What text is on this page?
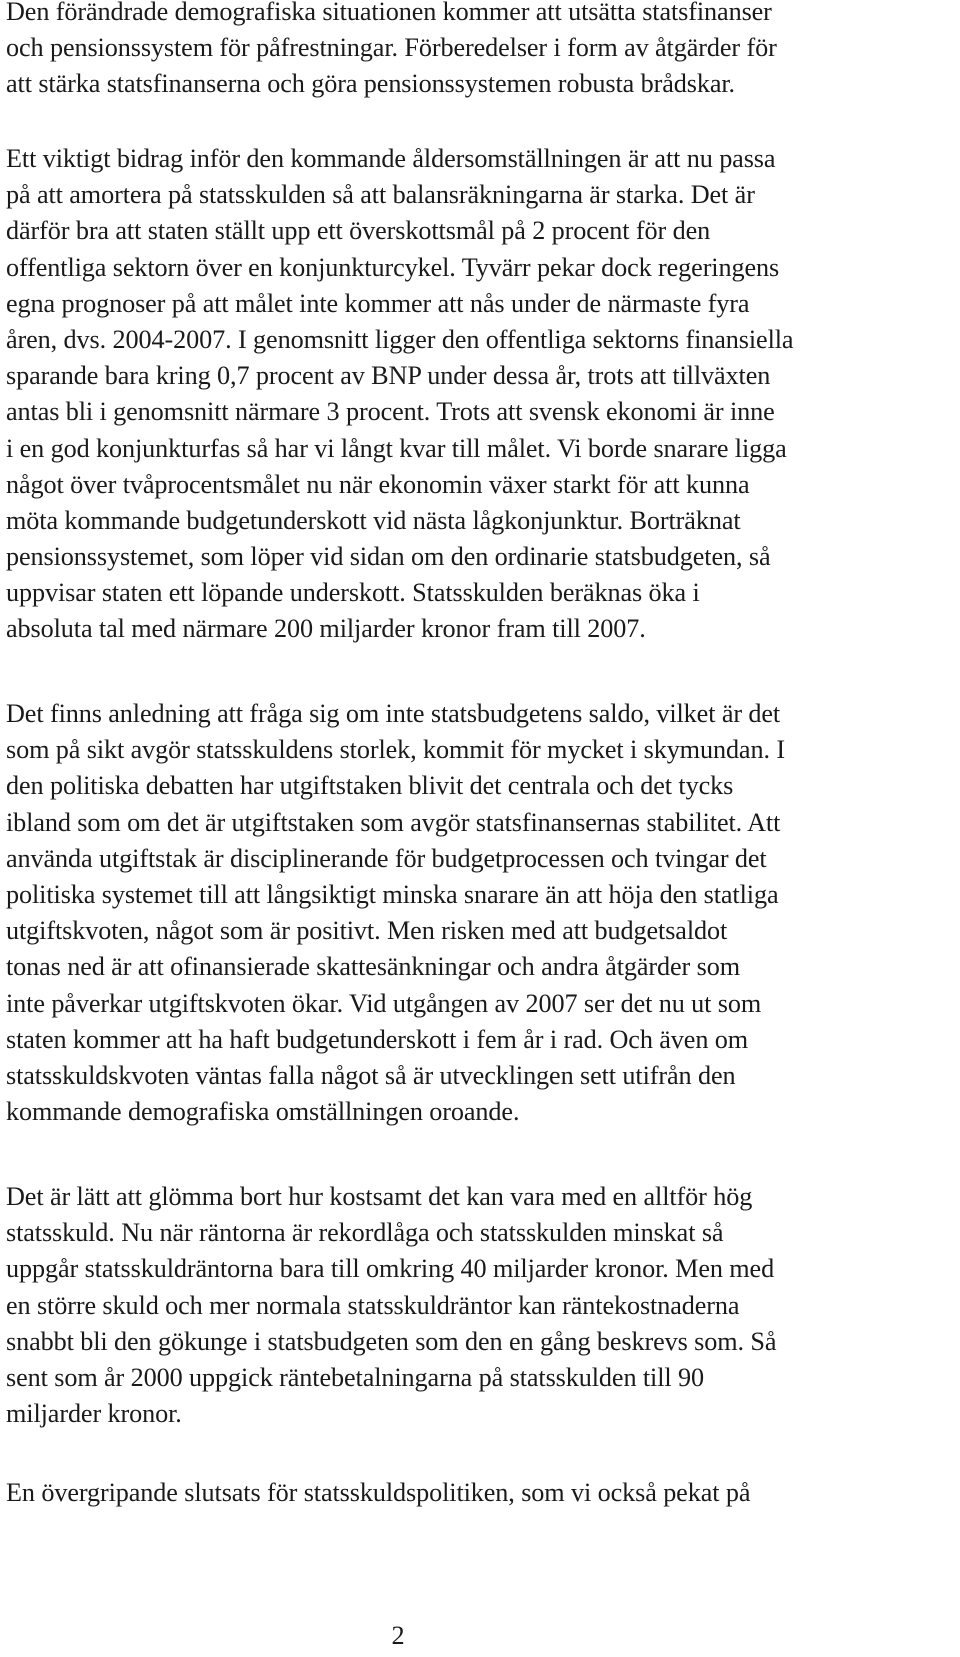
Den förändrade demografiska situationen kommer att utsätta statsfinanser
och pensionssystem för påfrestningar. Förberedelser i form av åtgärder för
att stärka statsfinanserna och göra pensionssystemen robusta brådskar.

Ett viktigt bidrag inför den kommande åldersomställningen är att nu passa
på att amortera på statsskulden så att balansräkningarna är starka. Det är
därför bra att staten ställt upp ett överskottsmål på 2 procent för den
offentliga sektorn över en konjunkturcykel. Tyvärr pekar dock regeringens
egna prognoser på att målet inte kommer att nås under de närmaste fyra
åren, dvs. 2004-2007. I genomsnitt ligger den offentliga sektorns finansiella
sparande bara kring 0,7 procent av BNP under dessa år, trots att tillväxten
antas bli i genomsnitt närmare 3 procent. Trots att svensk ekonomi är inne
i en god konjunkturfas så har vi långt kvar till målet. Vi borde snarare ligga
något över tvåprocentsmålet nu när ekonomin växer starkt för att kunna
möta kommande budgetunderskott vid nästa lågkonjunktur. Borträknat
pensionssystemet, som löper vid sidan om den ordinarie statsbudgeten, så
uppvisar staten ett löpande underskott. Statsskulden beräknas öka i
absoluta tal med närmare 200 miljarder kronor fram till 2007.

Det finns anledning att fråga sig om inte statsbudgetens saldo, vilket är det
som på sikt avgör statsskuldens storlek, kommit för mycket i skymundan. I
den politiska debatten har utgiftstaken blivit det centrala och det tycks
ibland som om det är utgiftstaken som avgör statsfinansernas stabilitet. Att
använda utgiftstak är disciplinerande för budgetprocessen och tvingar det
politiska systemet till att långsiktigt minska snarare än att höja den statliga
utgiftskvoten, något som är positivt. Men risken med att budgetsaldot
tonas ned är att ofinansierade skattesänkningar och andra åtgärder som
inte påverkar utgiftskvoten ökar. Vid utgången av 2007 ser det nu ut som
staten kommer att ha haft budgetunderskott i fem år i rad. Och även om
statsskuldskvoten väntas falla något så är utvecklingen sett utifrån den
kommande demografiska omställningen oroande.

Det är lätt att glömma bort hur kostsamt det kan vara med en alltför hög
statsskuld. Nu när räntorna är rekordlåga och statsskulden minskat så
uppgår statsskuldräntorna bara till omkring 40 miljarder kronor. Men med
en större skuld och mer normala statsskuldräntor kan räntekostnaderna
snabbt bli den gökunge i statsbudgeten som den en gång beskrevs som. Så
sent som år 2000 uppgick räntebetalningarna på statsskulden till 90
miljarder kronor.

En övergripande slutsats för statsskuldspolitiken, som vi också pekat på

2
